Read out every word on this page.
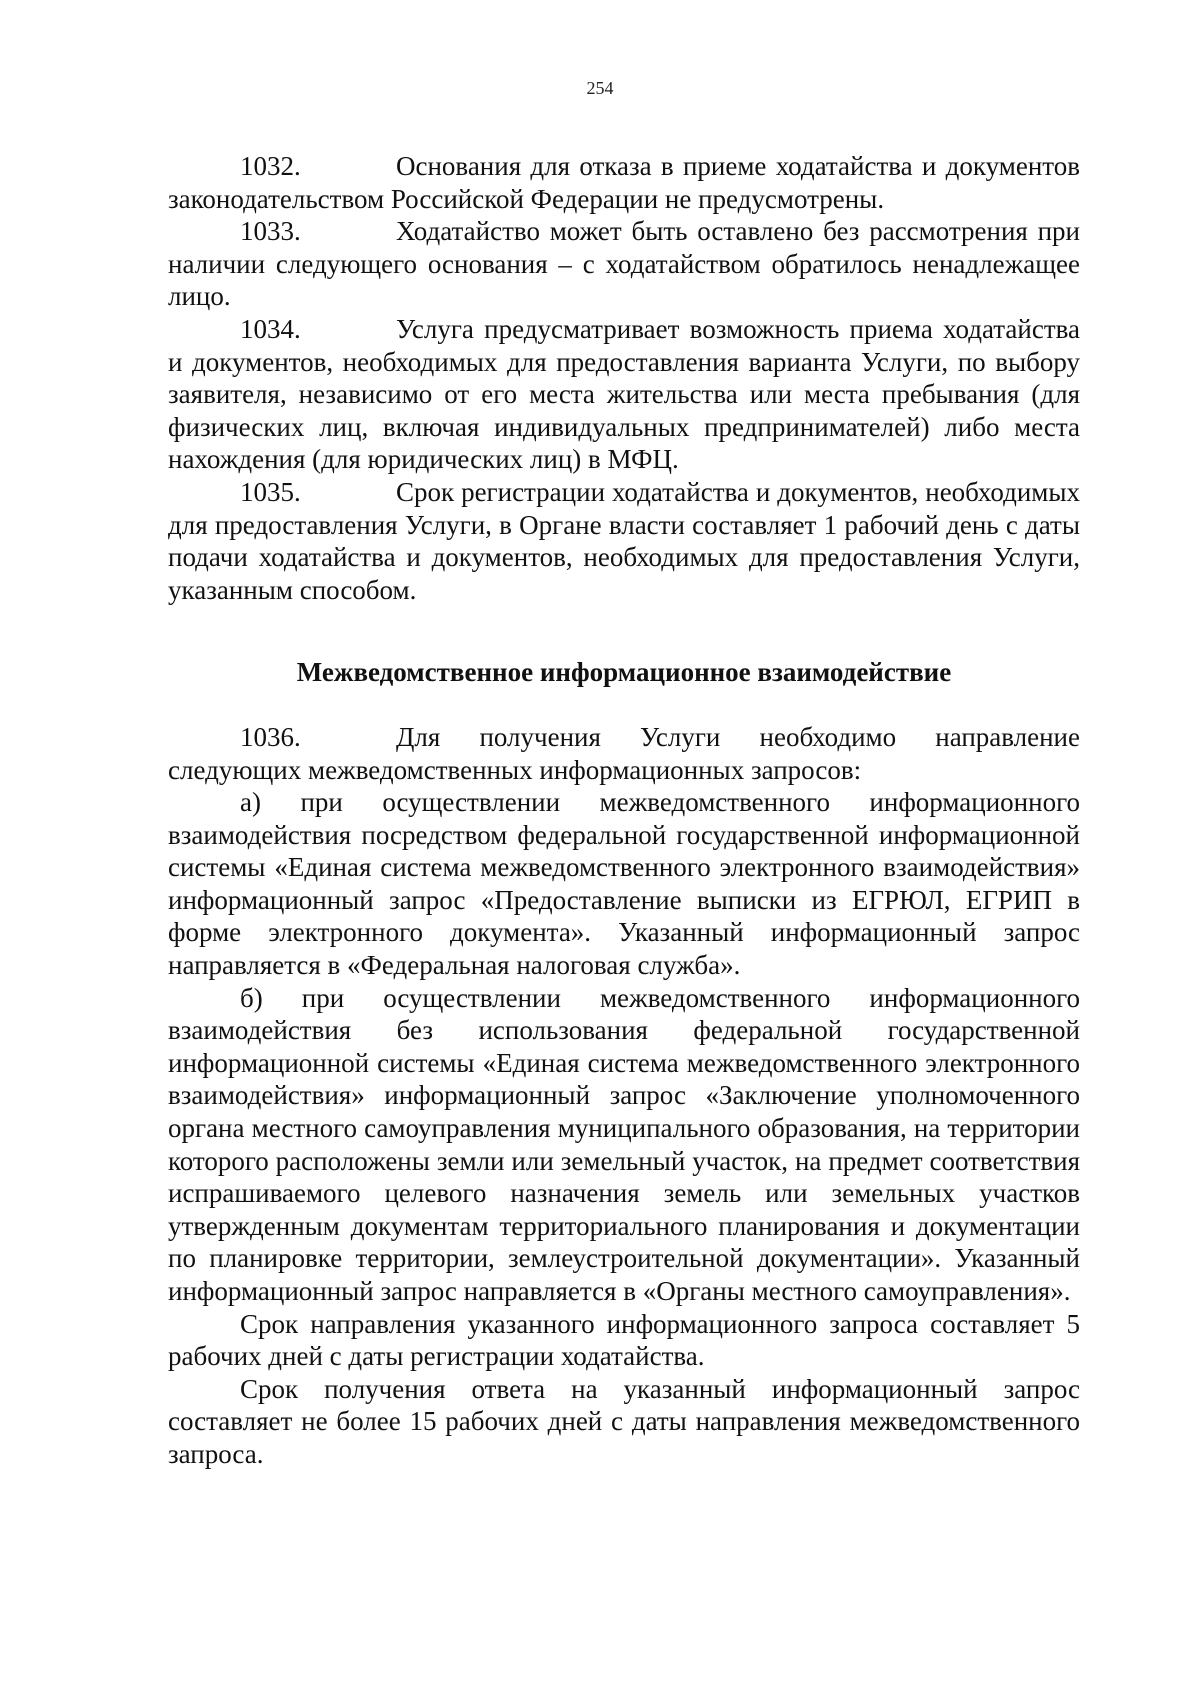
254

1032.	Основания для отказа в приеме ходатайства и документов законодательством Российской Федерации не предусмотрены.

1033.	Ходатайство может быть оставлено без рассмотрения при наличии следующего основания – с ходатайством обратилось ненадлежащее лицо.

1034.	Услуга предусматривает возможность приема ходатайства и документов, необходимых для предоставления варианта Услуги, по выбору заявителя, независимо от его места жительства или места пребывания (для физических лиц, включая индивидуальных предпринимателей) либо места нахождения (для юридических лиц) в МФЦ.

1035.	Срок регистрации ходатайства и документов, необходимых для предоставления Услуги, в Органе власти составляет 1 рабочий день с даты подачи ходатайства и документов, необходимых для предоставления Услуги, указанным способом.

Межведомственное информационное взаимодействие

1036.	Для получения Услуги необходимо направление следующих межведомственных информационных запросов:

а) при осуществлении межведомственного информационного взаимодействия посредством федеральной государственной информационной системы «Единая система межведомственного электронного взаимодействия» информационный запрос «Предоставление выписки из ЕГРЮЛ, ЕГРИП в форме электронного документа». Указанный информационный запрос направляется в «Федеральная налоговая служба».

б) при осуществлении межведомственного информационного взаимодействия без использования федеральной государственной информационной системы «Единая система межведомственного электронного взаимодействия» информационный запрос «Заключение уполномоченного органа местного самоуправления муниципального образования, на территории которого расположены земли или земельный участок, на предмет соответствия испрашиваемого целевого назначения земель или земельных участков утвержденным документам территориального планирования и документации по планировке территории, землеустроительной документации». Указанный информационный запрос направляется в «Органы местного самоуправления».

Срок направления указанного информационного запроса составляет 5 рабочих дней с даты регистрации ходатайства.

Срок получения ответа на указанный информационный запрос составляет не более 15 рабочих дней с даты направления межведомственного запроса.
